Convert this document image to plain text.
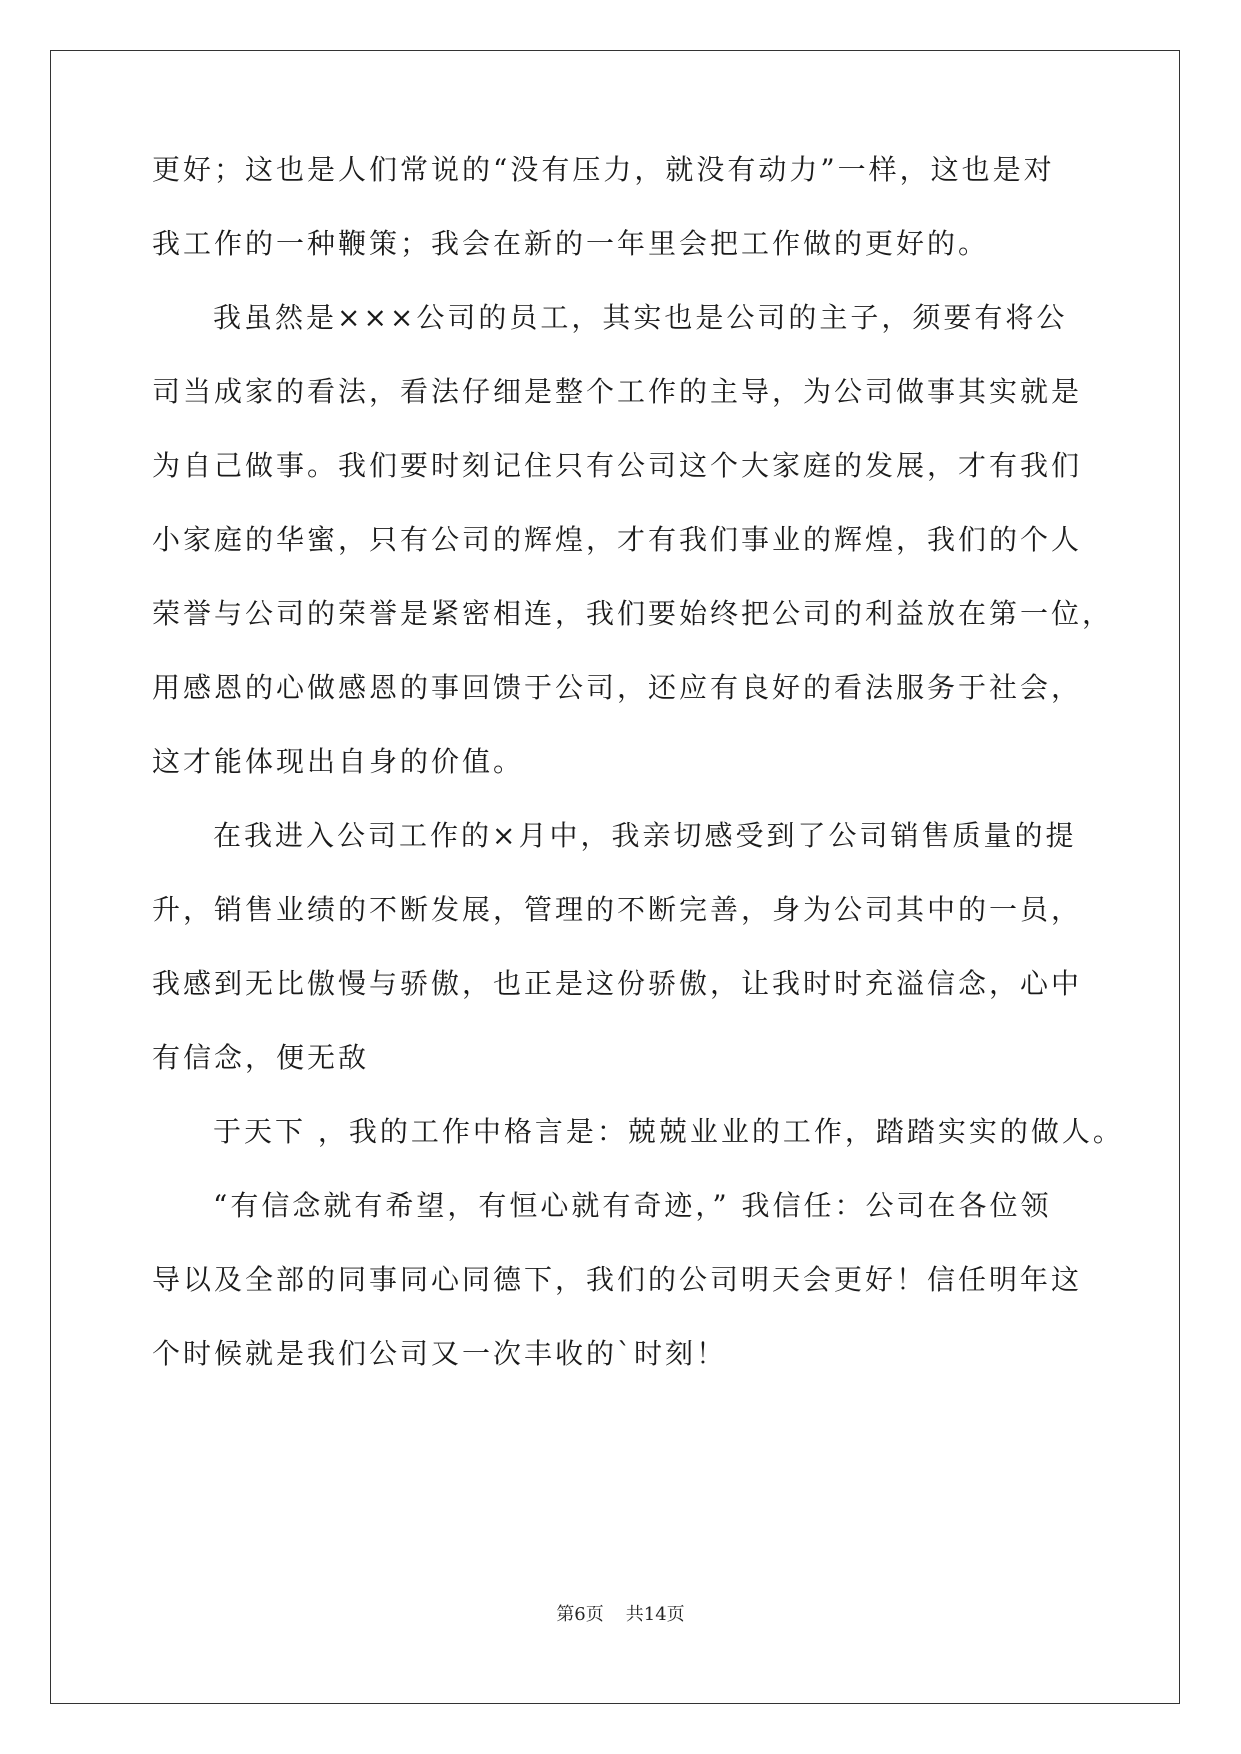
更好；这也是人们常说的“没有压力，就没有动力”一样，这也是对
我工作的一种鞭策；我会在新的一年里会把工作做的更好的。
我虽然是×××公司的员工，其实也是公司的主子，须要有将公
司当成家的看法，看法仔细是整个工作的主导，为公司做事其实就是
为自己做事。我们要时刻记住只有公司这个大家庭的发展，才有我们
小家庭的华蜜，只有公司的辉煌，才有我们事业的辉煌，我们的个人
荣誉与公司的荣誉是紧密相连，我们要始终把公司的利益放在第一位，
用感恩的心做感恩的事回馈于公司，还应有良好的看法服务于社会，
这才能体现出自身的价值。
在我进入公司工作的×月中，我亲切感受到了公司销售质量的提
升，销售业绩的不断发展，管理的不断完善，身为公司其中的一员，
我感到无比傲慢与骄傲，也正是这份骄傲，让我时时充溢信念，心中
有信念，便无敌
于天下 ，我的工作中格言是：兢兢业业的工作，踏踏实实的做人。
“有信念就有希望，有恒心就有奇迹，” 我信任：公司在各位领
导以及全部的同事同心同德下，我们的公司明天会更好！信任明年这
个时候就是我们公司又一次丰收的`时刻！
第6页 共14页
